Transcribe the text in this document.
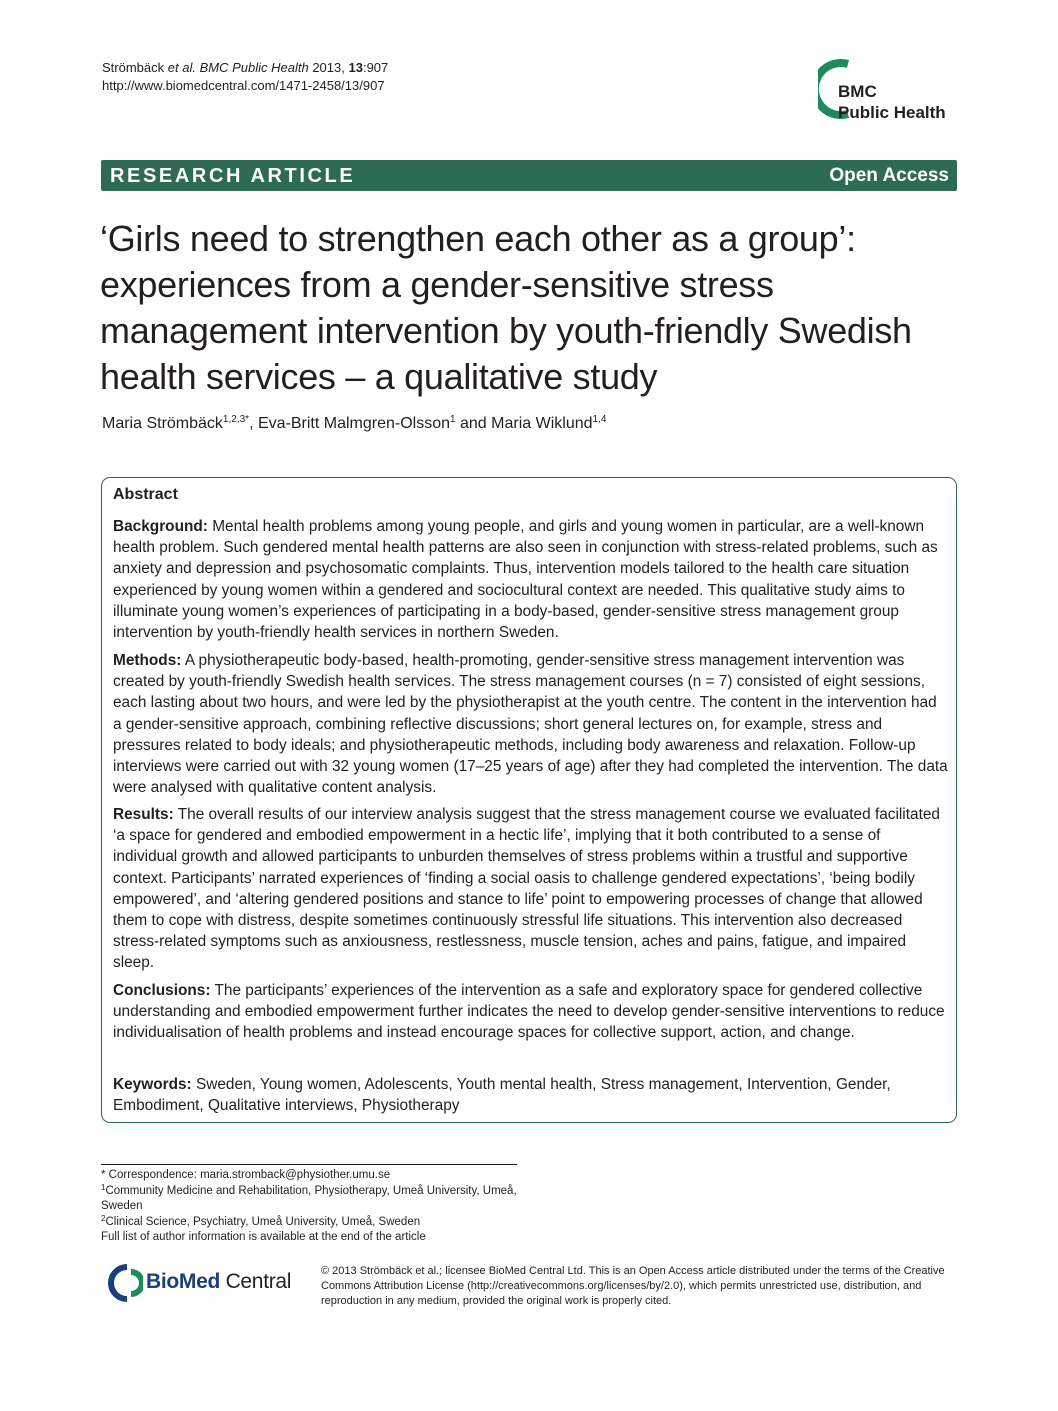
Strömbäck et al. BMC Public Health 2013, 13:907
http://www.biomedcentral.com/1471-2458/13/907	BMC
Public Health
RESEARCH ARTICLE	Open Access
‘Girls need to strengthen each other as a group’: experiences from a gender-sensitive stress management intervention by youth-friendly Swedish health services – a qualitative study
Maria Strömbäck$^{1,2,3*}$, Eva-Britt Malmgren-Olsson$^1$ and Maria Wiklund$^{1,4}$
Abstract

Background: Mental health problems among young people, and girls and young women in particular, are a well-known health problem. Such gendered mental health patterns are also seen in conjunction with stress-related problems, such as anxiety and depression and psychosomatic complaints. Thus, intervention models tailored to the health care situation experienced by young women within a gendered and sociocultural context are needed. This qualitative study aims to illuminate young women’s experiences of participating in a body-based, gender-sensitive stress management group intervention by youth-friendly health services in northern Sweden.

Methods: A physiotherapeutic body-based, health-promoting, gender-sensitive stress management intervention was created by youth-friendly Swedish health services. The stress management courses (n = 7) consisted of eight sessions, each lasting about two hours, and were led by the physiotherapist at the youth centre. The content in the intervention had a gender-sensitive approach, combining reflective discussions; short general lectures on, for example, stress and pressures related to body ideals; and physiotherapeutic methods, including body awareness and relaxation. Follow-up interviews were carried out with 32 young women (17–25 years of age) after they had completed the intervention. The data were analysed with qualitative content analysis.

Results: The overall results of our interview analysis suggest that the stress management course we evaluated facilitated ‘a space for gendered and embodied empowerment in a hectic life’, implying that it both contributed to a sense of individual growth and allowed participants to unburden themselves of stress problems within a trustful and supportive context. Participants’ narrated experiences of ‘finding a social oasis to challenge gendered expectations’, ‘being bodily empowered’, and ‘altering gendered positions and stance to life’ point to empowering processes of change that allowed them to cope with distress, despite sometimes continuously stressful life situations. This intervention also decreased stress-related symptoms such as anxiousness, restlessness, muscle tension, aches and pains, fatigue, and impaired sleep.

Conclusions: The participants’ experiences of the intervention as a safe and exploratory space for gendered collective understanding and embodied empowerment further indicates the need to develop gender-sensitive interventions to reduce individualisation of health problems and instead encourage spaces for collective support, action, and change.

Keywords: Sweden, Young women, Adolescents, Youth mental health, Stress management, Intervention, Gender, Embodiment, Qualitative interviews, Physiotherapy

* Correspondence: maria.stromback@physiother.umu.se
$^1$Community Medicine and Rehabilitation, Physiotherapy, Umeå University, Umeå, Sweden
$^2$Clinical Science, Psychiatry, Umeå University, Umeå, Sweden
Full list of author information is available at the end of the article
BioMed Central	© 2013 Strömbäck et al.; licensee BioMed Central Ltd. This is an Open Access article distributed under the terms of the Creative Commons Attribution License (http://creativecommons.org/licenses/by/2.0), which permits unrestricted use, distribution, and reproduction in any medium, provided the original work is properly cited.
